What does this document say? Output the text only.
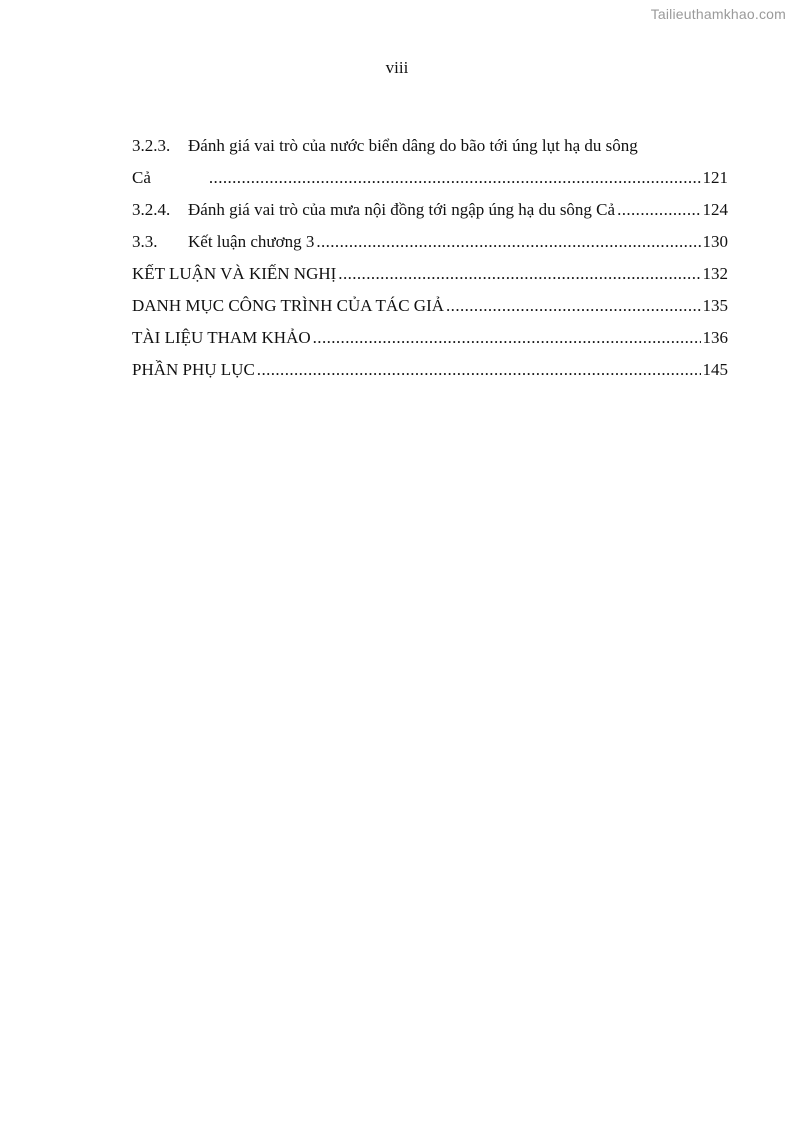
Tailieuthamkhao.com
viii
3.2.3.	Đánh giá vai trò của nước biển dâng do bão tới úng lụt hạ du sông
Cả .....	121
3.2.4.	Đánh giá vai trò của mưa nội đồng tới ngập úng hạ du sông Cả .....	124
3.3.	Kết luận chương 3 .....	130
KẾT LUẬN VÀ KIẾN NGHỊ .....	132
DANH MỤC CÔNG TRÌNH CỦA TÁC GIẢ .....	135
TÀI LIỆU THAM KHẢO .....	136
PHẦN PHỤ LỤC .....	145
